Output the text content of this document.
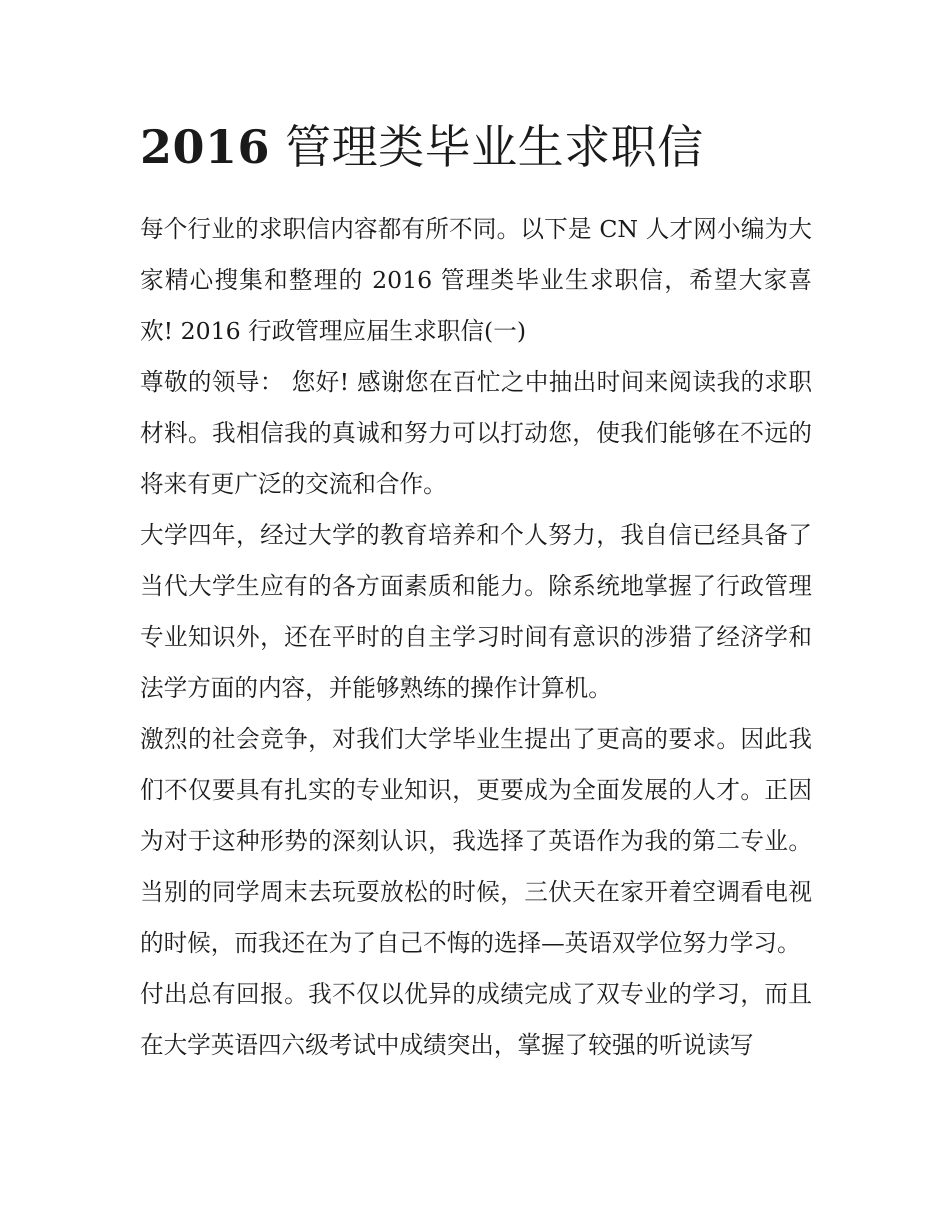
2016 管理类毕业生求职信

每个行业的求职信内容都有所不同。以下是 CN 人才网小编为大家精心搜集和整理的 2016 管理类毕业生求职信，希望大家喜欢! 2016 行政管理应届生求职信(一)

尊敬的领导： 您好! 感谢您在百忙之中抽出时间来阅读我的求职材料。我相信我的真诚和努力可以打动您，使我们能够在不远的将来有更广泛的交流和合作。

大学四年，经过大学的教育培养和个人努力，我自信已经具备了当代大学生应有的各方面素质和能力。除系统地掌握了行政管理专业知识外，还在平时的自主学习时间有意识的涉猎了经济学和法学方面的内容，并能够熟练的操作计算机。

激烈的社会竞争，对我们大学毕业生提出了更高的要求。因此我们不仅要具有扎实的专业知识，更要成为全面发展的人才。正因为对于这种形势的深刻认识，我选择了英语作为我的第二专业。当别的同学周末去玩耍放松的时候，三伏天在家开着空调看电视的时候，而我还在为了自己不悔的选择—英语双学位努力学习。

付出总有回报。我不仅以优异的成绩完成了双专业的学习，而且在大学英语四六级考试中成绩突出，掌握了较强的听说读写
